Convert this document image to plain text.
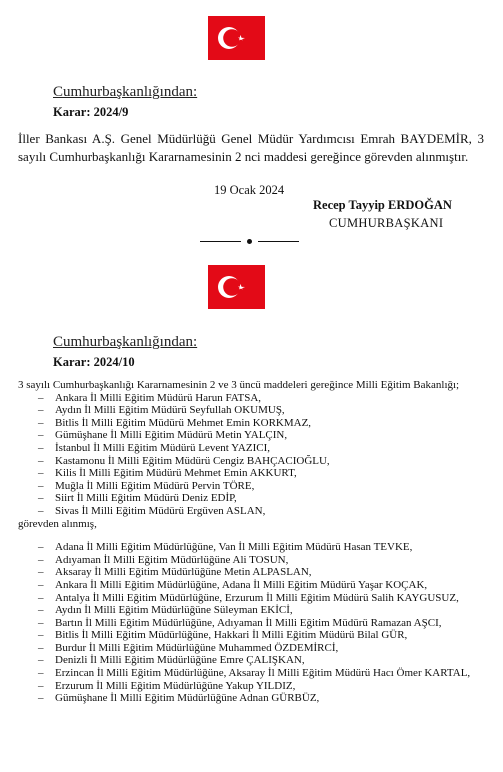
Cumhurbaşkanlığından:

Karar: 2024/9

İller Bankası A.Ş. Genel Müdürlüğü Genel Müdür Yardımcısı Emrah BAYDEMİR, 3 sayılı Cumhurbaşkanlığı Kararnamesinin 2 nci maddesi gereğince görevden alınmıştır.

19 Ocak 2024

Recep Tayyip ERDOĞAN

CUMHURBAŞKANI

Cumhurbaşkanlığından:

Karar: 2024/10

3 sayılı Cumhurbaşkanlığı Kararnamesinin 2 ve 3 üncü maddeleri gereğince Milli Eğitim Bakanlığı;

– Ankara İl Milli Eğitim Müdürü Harun FATSA,
– Aydın İl Milli Eğitim Müdürü Seyfullah OKUMUŞ,
– Bitlis İl Milli Eğitim Müdürü Mehmet Emin KORKMAZ,
– Gümüşhane İl Milli Eğitim Müdürü Metin YALÇIN,
– İstanbul İl Milli Eğitim Müdürü Levent YAZICI,
– Kastamonu İl Milli Eğitim Müdürü Cengiz BAHÇACIOĞLU,
– Kilis İl Milli Eğitim Müdürü Mehmet Emin AKKURT,
– Muğla İl Milli Eğitim Müdürü Pervin TÖRE,
– Siirt İl Milli Eğitim Müdürü Deniz EDİP,
– Sivas İl Milli Eğitim Müdürü Ergüven ASLAN,

görevden alınmış,

– Adana İl Milli Eğitim Müdürlüğüne, Van İl Milli Eğitim Müdürü Hasan TEVKE,
– Adıyaman İl Milli Eğitim Müdürlüğüne Ali TOSUN,
– Aksaray İl Milli Eğitim Müdürlüğüne Metin ALPASLAN,
– Ankara İl Milli Eğitim Müdürlüğüne, Adana İl Milli Eğitim Müdürü Yaşar KOÇAK,
– Antalya İl Milli Eğitim Müdürlüğüne, Erzurum İl Milli Eğitim Müdürü Salih KAYGUSUZ,
– Aydın İl Milli Eğitim Müdürlüğüne Süleyman EKİCİ,
– Bartın İl Milli Eğitim Müdürlüğüne, Adıyaman İl Milli Eğitim Müdürü Ramazan AŞCI,
– Bitlis İl Milli Eğitim Müdürlüğüne, Hakkari İl Milli Eğitim Müdürü Bilal GÜR,
– Burdur İl Milli Eğitim Müdürlüğüne Muhammed ÖZDEMİRCİ,
– Denizli İl Milli Eğitim Müdürlüğüne Emre ÇALIŞKAN,
– Erzincan İl Milli Eğitim Müdürlüğüne, Aksaray İl Milli Eğitim Müdürü Hacı Ömer KARTAL,
– Erzurum İl Milli Eğitim Müdürlüğüne Yakup YILDIZ,
– Gümüşhane İl Milli Eğitim Müdürlüğüne Adnan GÜRBÜZ,
